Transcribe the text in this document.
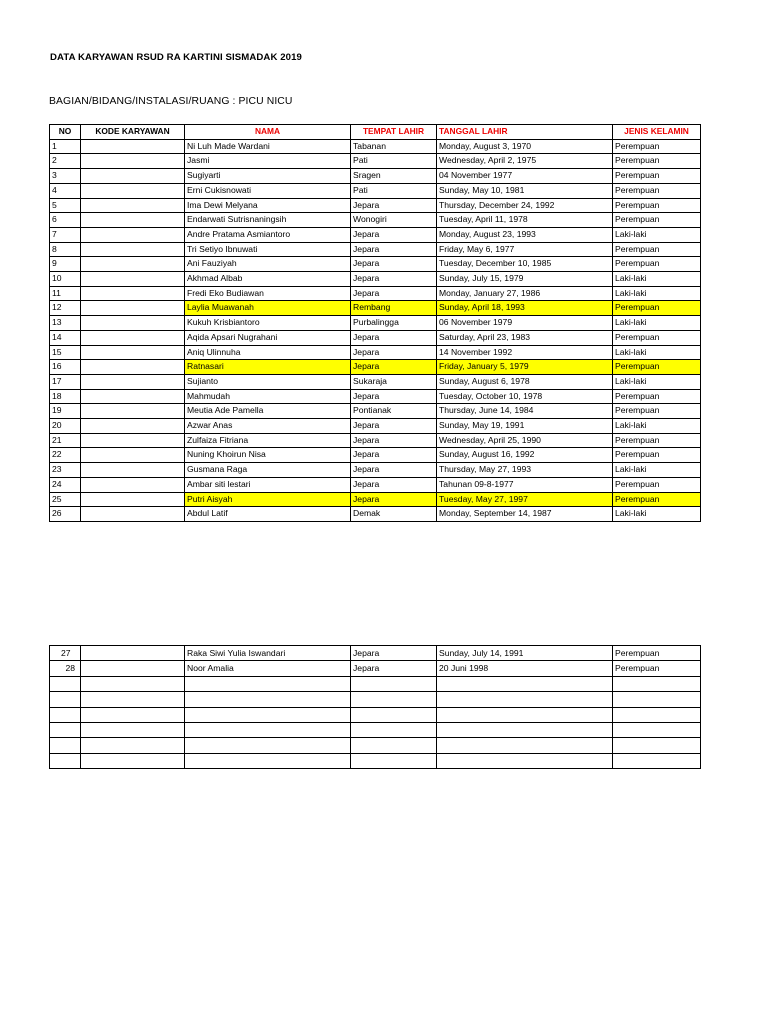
DATA KARYAWAN RSUD RA KARTINI SISMADAK 2019
BAGIAN/BIDANG/INSTALASI/RUANG : PICU NICU
NO	KODE KARYAWAN	NAMA	TEMPAT LAHIR	TANGGAL LAHIR	JENIS KELAMIN
1		Ni Luh Made Wardani	Tabanan	Monday, August 3, 1970	Perempuan
2		Jasmi	Pati	Wednesday, April 2, 1975	Perempuan
3		Sugiyarti	Sragen	04 November 1977	Perempuan
4		Erni Cukisnowati	Pati	Sunday, May 10, 1981	Perempuan
5		Ima Dewi Melyana	Jepara	Thursday, December 24, 1992	Perempuan
6		Endarwati Sutrisnaningsih	Wonogiri	Tuesday, April 11, 1978	Perempuan
7		Andre Pratama Asmiantoro	Jepara	Monday, August 23, 1993	Laki-laki
8		Tri Setiyo Ibnuwati	Jepara	Friday, May 6, 1977	Perempuan
9		Ani Fauziyah	Jepara	Tuesday, December 10, 1985	Perempuan
10		Akhmad Albab	Jepara	Sunday, July 15, 1979	Laki-laki
11		Fredi Eko Budiawan	Jepara	Monday, January 27, 1986	Laki-laki
12		Laylia Muawanah	Rembang	Sunday, April 18, 1993	Perempuan
13		Kukuh Krisbiantoro	Purbalingga	06 November 1979	Laki-laki
14		Aqida Apsari Nugrahani	Jepara	Saturday, April 23, 1983	Perempuan
15		Aniq Ulinnuha	Jepara	14 November 1992	Laki-laki
16		Ratnasari	Jepara	Friday, January 5, 1979	Perempuan
17		Sujianto	Sukaraja	Sunday, August 6, 1978	Laki-laki
18		Mahmudah	Jepara	Tuesday, October 10, 1978	Perempuan
19		Meutia Ade Pamella	Pontianak	Thursday, June 14, 1984	Perempuan
20		Azwar Anas	Jepara	Sunday, May 19, 1991	Laki-laki
21		Zulfaiza Fitriana	Jepara	Wednesday, April 25, 1990	Perempuan
22		Nuning Khoirun Nisa	Jepara	Sunday, August 16, 1992	Perempuan
23		Gusmana Raga	Jepara	Thursday, May 27, 1993	Laki-laki
24		Ambar siti lestari	Jepara	Tahunan 09-8-1977	Perempuan
25		Putri Aisyah	Jepara	Tuesday, May 27, 1997	Perempuan
26		Abdul Latif	Demak	Monday, September 14, 1987	Laki-laki
27		Raka Siwi Yulia Iswandari	Jepara	Sunday, July 14, 1991	Perempuan
28		Noor Amalia	Jepara	20 Juni 1998	Perempuan
